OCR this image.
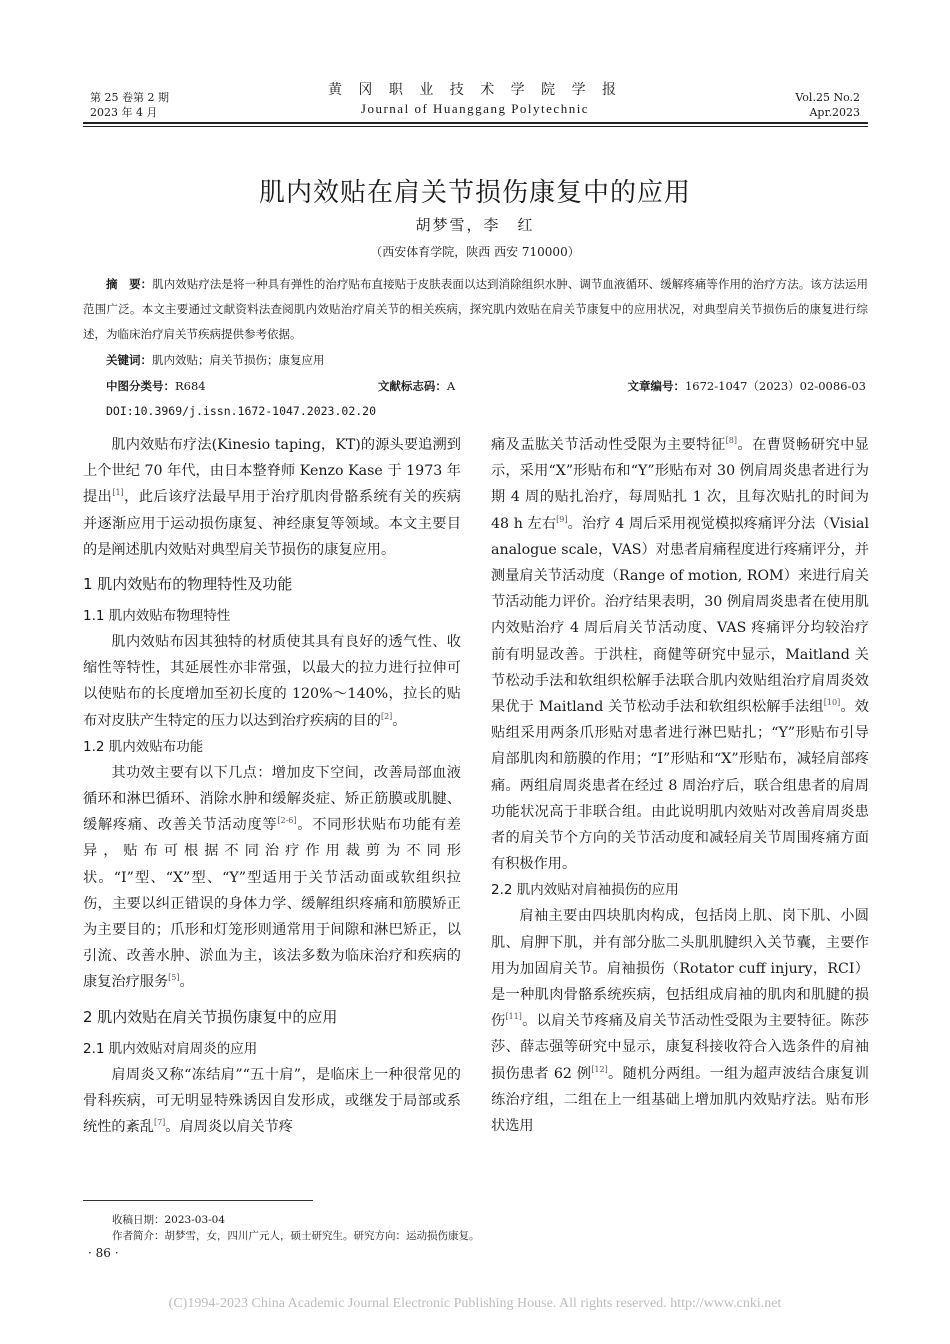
第 25 卷第 2 期
2023 年 4 月
黄 冈 职 业 技 术 学 院 学 报
Journal of Huanggang Polytechnic
Vol.25 No.2
Apr.2023
肌内效贴在肩关节损伤康复中的应用
胡梦雪，李　红
（西安体育学院，陕西 西安 710000）
摘　要：肌内效贴疗法是将一种具有弹性的治疗贴布直接贴于皮肤表面以达到消除组织水肿、调节血液循环、缓解疼痛等作用的治疗方法。该方法运用范围广泛。本文主要通过文献资料法查阅肌内效贴治疗肩关节的相关疾病，探究肌内效贴在肩关节康复中的应用状况，对典型肩关节损伤后的康复进行综述，为临床治疗肩关节疾病提供参考依据。
关键词：肌内效贴；肩关节损伤；康复应用
中图分类号：R684	文献标志码：A	文章编号：1672-1047（2023）02-0086-03
DOI:10.3969/j.issn.1672-1047.2023.02.20

肌内效贴布疗法(Kinesio taping，KT)的源头要追溯到上个世纪 70 年代，由日本整脊师 Kenzo Kase 于 1973 年提出[1]，此后该疗法最早用于治疗肌肉骨骼系统有关的疾病并逐渐应用于运动损伤康复、神经康复等领域。本文主要目的是阐述肌内效贴对典型肩关节损伤的康复应用。

1 肌内效贴布的物理特性及功能
1.1 肌内效贴布物理特性

肌内效贴布因其独特的材质使其具有良好的透气性、收缩性等特性，其延展性亦非常强，以最大的拉力进行拉伸可以使贴布的长度增加至初长度的 120%～140%，拉长的贴布对皮肤产生特定的压力以达到治疗疾病的目的[2]。

1.2 肌内效贴布功能

其功效主要有以下几点：增加皮下空间，改善局部血液循环和淋巴循环、消除水肿和缓解炎症、矫正筋膜或肌腱、缓解疼痛、改善关节活动度等[2-6]。不同形状贴布功能有差异，贴布可根据不同治疗作用裁剪为不同形状。“I”型、“X”型、“Y”型适用于关节活动面或软组织拉伤，主要以纠正错误的身体力学、缓解组织疼痛和筋膜矫正为主要目的；爪形和灯笼形则通常用于间隙和淋巴矫正，以引流、改善水肿、淤血为主，该法多数为临床治疗和疾病的康复治疗服务[5]。

2 肌内效贴在肩关节损伤康复中的应用
2.1 肌内效贴对肩周炎的应用

肩周炎又称“冻结肩”“五十肩”，是临床上一种很常见的骨科疾病，可无明显特殊诱因自发形成，或继发于局部或系统性的紊乱[7]。肩周炎以肩关节疼

痛及盂肱关节活动性受限为主要特征[8]。在曹贤畅研究中显示，采用“X”形贴布和“Y”形贴布对 30 例肩周炎患者进行为期 4 周的贴扎治疗，每周贴扎 1 次，且每次贴扎的时间为 48 h 左右[9]。治疗 4 周后采用视觉模拟疼痛评分法（Visial analogue scale，VAS）对患者肩痛程度进行疼痛评分，并测量肩关节活动度（Range of motion, ROM）来进行肩关节活动能力评价。治疗结果表明，30 例肩周炎患者在使用肌内效贴治疗 4 周后肩关节活动度、VAS 疼痛评分均较治疗前有明显改善。于洪柱，商健等研究中显示，Maitland 关节松动手法和软组织松解手法联合肌内效贴组治疗肩周炎效果优于 Maitland 关节松动手法和软组织松解手法组[10]。效贴组采用两条爪形贴对患者进行淋巴贴扎；“Y”形贴布引导肩部肌肉和筋膜的作用；“I”形贴和“X”形贴布，减轻肩部疼痛。两组肩周炎患者在经过 8 周治疗后，联合组患者的肩周功能状况高于非联合组。由此说明肌内效贴对改善肩周炎患者的肩关节个方向的关节活动度和减轻肩关节周围疼痛方面有积极作用。

2.2 肌内效贴对肩袖损伤的应用

肩袖主要由四块肌肉构成，包括岗上肌、岗下肌、小圆肌、肩胛下肌，并有部分肱二头肌肌腱织入关节囊，主要作用为加固肩关节。肩袖损伤（Rotator cuff injury，RCI）是一种肌肉骨骼系统疾病，包括组成肩袖的肌肉和肌腱的损伤[11]。以肩关节疼痛及肩关节活动性受限为主要特征。陈莎莎、薛志强等研究中显示，康复科接收符合入选条件的肩袖损伤患者 62 例[12]。随机分两组。一组为超声波结合康复训练治疗组，二组在上一组基础上增加肌内效贴疗法。贴布形状选用

收稿日期：2023-03-04
作者简介：胡梦雪，女，四川广元人，硕士研究生。研究方向：运动损伤康复。
· 86 ·
(C)1994-2023 China Academic Journal Electronic Publishing House. All rights reserved. http://www.cnki.net
